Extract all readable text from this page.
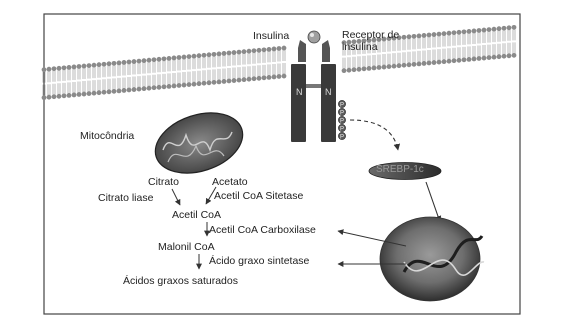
N	N
P
P
P
P
P
Insulina	Receptor de
insulina
Mitocôndria
Citrato	Acetato
Citrato liase	Acetil CoA Sitetase
Acetil CoA
Acetil CoA Carboxilase
Malonil CoA
Ácido graxo sintetase
Ácidos graxos saturados
SREBP-1c
